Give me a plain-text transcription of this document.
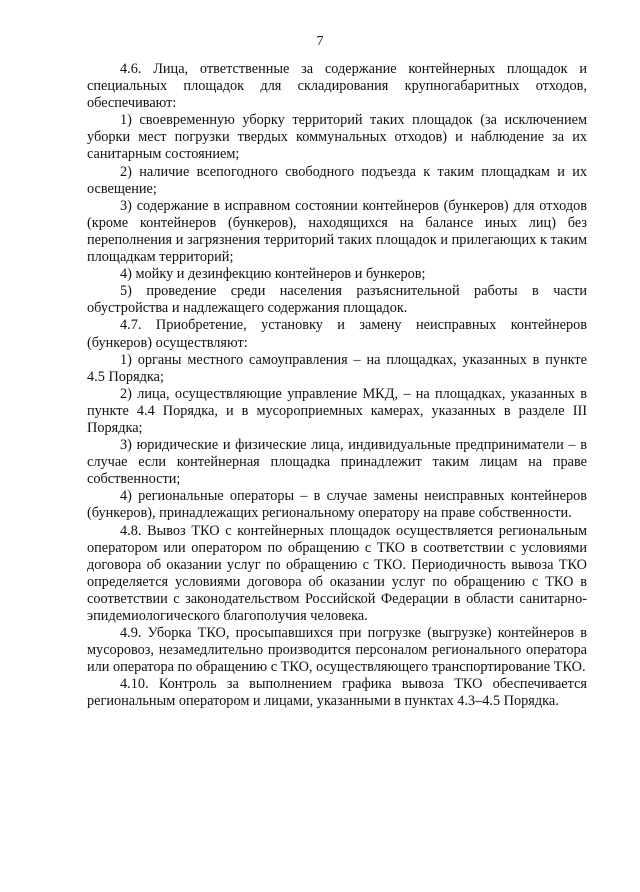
7

4.6. Лица, ответственные за содержание контейнерных площадок и специальных площадок для складирования крупногабаритных отходов, обеспечивают:

1) своевременную уборку территорий таких площадок (за исключением уборки мест погрузки твердых коммунальных отходов) и наблюдение за их санитарным состоянием;

2) наличие всепогодного свободного подъезда к таким площадкам и их освещение;

3) содержание в исправном состоянии контейнеров (бункеров) для отходов (кроме контейнеров (бункеров), находящихся на балансе иных лиц) без переполнения и загрязнения территорий таких площадок и прилегающих к таким площадкам территорий;

4) мойку и дезинфекцию контейнеров и бункеров;

5) проведение среди населения разъяснительной работы в части обустройства и надлежащего содержания площадок.

4.7. Приобретение, установку и замену неисправных контейнеров (бункеров) осуществляют:

1) органы местного самоуправления – на площадках, указанных в пункте 4.5 Порядка;

2) лица, осуществляющие управление МКД, – на площадках, указанных в пункте 4.4 Порядка, и в мусороприемных камерах, указанных в разделе III Порядка;

3) юридические и физические лица, индивидуальные предприниматели – в случае если контейнерная площадка принадлежит таким лицам на праве собственности;

4) региональные операторы – в случае замены неисправных контейнеров (бункеров), принадлежащих региональному оператору на праве собственности.

4.8. Вывоз ТКО с контейнерных площадок осуществляется региональным оператором или оператором по обращению с ТКО в соответствии с условиями договора об оказании услуг по обращению с ТКО. Периодичность вывоза ТКО определяется условиями договора об оказании услуг по обращению с ТКО в соответствии с законодательством Российской Федерации в области санитарно-эпидемиологического благополучия человека.

4.9. Уборка ТКО, просыпавшихся при погрузке (выгрузке) контейнеров в мусоровоз, незамедлительно производится персоналом регионального оператора или оператора по обращению с ТКО, осуществляющего транспортирование ТКО.

4.10. Контроль за выполнением графика вывоза ТКО обеспечивается региональным оператором и лицами, указанными в пунктах 4.3–4.5 Порядка.
